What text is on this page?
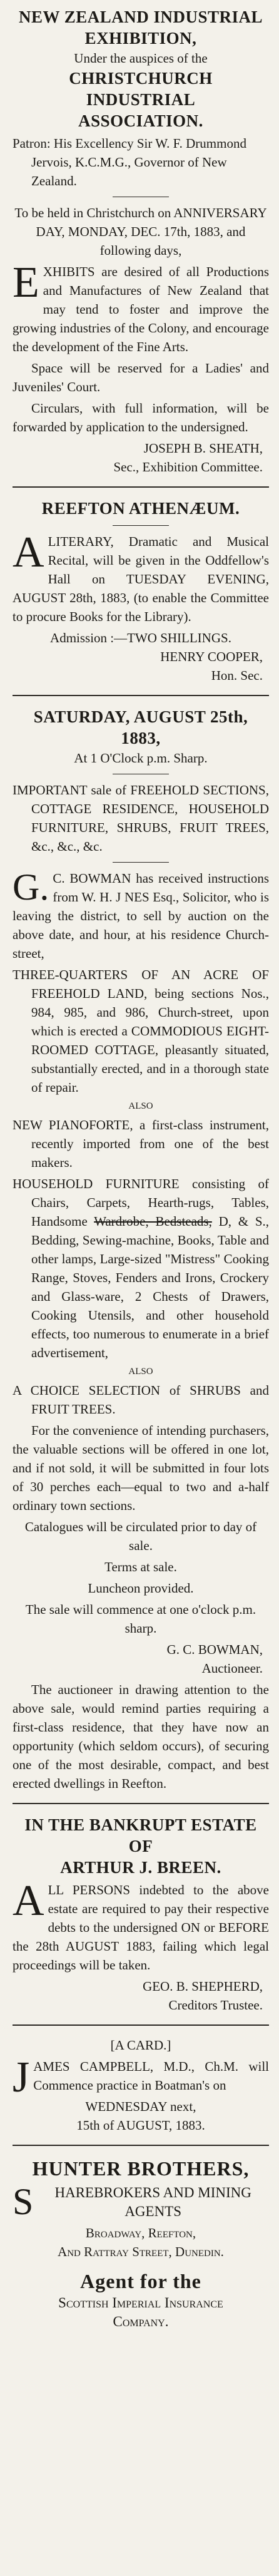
NEW ZEALAND INDUSTRIAL
EXHIBITION,
Under the auspices of the
CHRISTCHURCH INDUSTRIAL
ASSOCIATION.

Patron: His Excellency Sir W. F. Drummond Jervois, K.C.M.G., Governor of New Zealand.

To be held in Christchurch on ANNIVERSARY DAY, MONDAY, DEC. 17th, 1883, and following days,

EXHIBITS are desired of all Productions and Manufactures of New Zealand that may tend to foster and improve the growing industries of the Colony, and encourage the development of the Fine Arts.

Space will be reserved for a Ladies' and Juveniles' Court.

Circulars, with full information, will be forwarded by application to the undersigned.

JOSEPH B. SHEATH,
Sec., Exhibition Committee.
REEFTON ATHENÆUM.

ALITERARY, Dramatic and Musical Recital, will be given in the Oddfellow's Hall on TUESDAY EVENING, AUGUST 28th, 1883, (to enable the Committee to procure Books for the Library).

Admission :—TWO SHILLINGS.
HENRY COOPER,
Hon. Sec.
SATURDAY, AUGUST 25th, 1883,
At 1 O'Clock p.m. Sharp.

IMPORTANT sale of FREEHOLD SECTIONS, COTTAGE RESIDENCE, HOUSEHOLD FURNITURE, SHRUBS, FRUIT TREES, &c., &c., &c.

G.C. BOWMAN has received instructions from W. H. J NES Esq., Solicitor, who is leaving the district, to sell by auction on the above date, and hour, at his residence Church-street,

THREE-QUARTERS OF AN ACRE OF FREEHOLD LAND, being sections Nos., 984, 985, and 986, Church-street, upon which is erected a COMMODIOUS EIGHT-ROOMED COTTAGE, pleasantly situated, substantially erected, and in a thorough state of repair.

ALSO

NEW PIANOFORTE, a first-class instrument, recently imported from one of the best makers.

HOUSEHOLD FURNITURE consisting of Chairs, Carpets, Hearth-rugs, Tables, Handsome Wardrobe, Bedsteads, D, & S., Bedding, Sewing-machine, Books, Table and other lamps, Large-sized "Mistress" Cooking Range, Stoves, Fenders and Irons, Crockery and Glass-ware, 2 Chests of Drawers, Cooking Utensils, and other household effects, too numerous to enumerate in a brief advertisement,

ALSO

A CHOICE SELECTION of SHRUBS and FRUIT TREES.

For the convenience of intending purchasers, the valuable sections will be offered in one lot, and if not sold, it will be submitted in four lots of 30 perches each—equal to two and a-half ordinary town sections.

Catalogues will be circulated prior to day of sale.

Terms at sale.

Luncheon provided.

The sale will commence at one o'clock p.m. sharp.

G. C. BOWMAN,
Auctioneer.

The auctioneer in drawing attention to the above sale, would remind parties requiring a first-class residence, that they have now an opportunity (which seldom occurs), of securing one of the most desirable, compact, and best erected dwellings in Reefton.

IN THE BANKRUPT ESTATE OF
ARTHUR J. BREEN.

ALL PERSONS indebted to the above estate are required to pay their respective debts to the undersigned ON or BEFORE the 28th AUGUST 1883, failing which legal proceedings will be taken.

GEO. B. SHEPHERD,
Creditors Trustee.
[A CARD.]

JAMES CAMPBELL, M.D., Ch.M. will Commence practice in Boatman's on

WEDNESDAY next,
15th of AUGUST, 1883.
HUNTER BROTHERS,

SHAREBROKERS AND MINING AGENTS

Broadway, Reefton,
And Rattray Street, Dunedin.
Agent for the
Scottish Imperial Insurance
Company.
